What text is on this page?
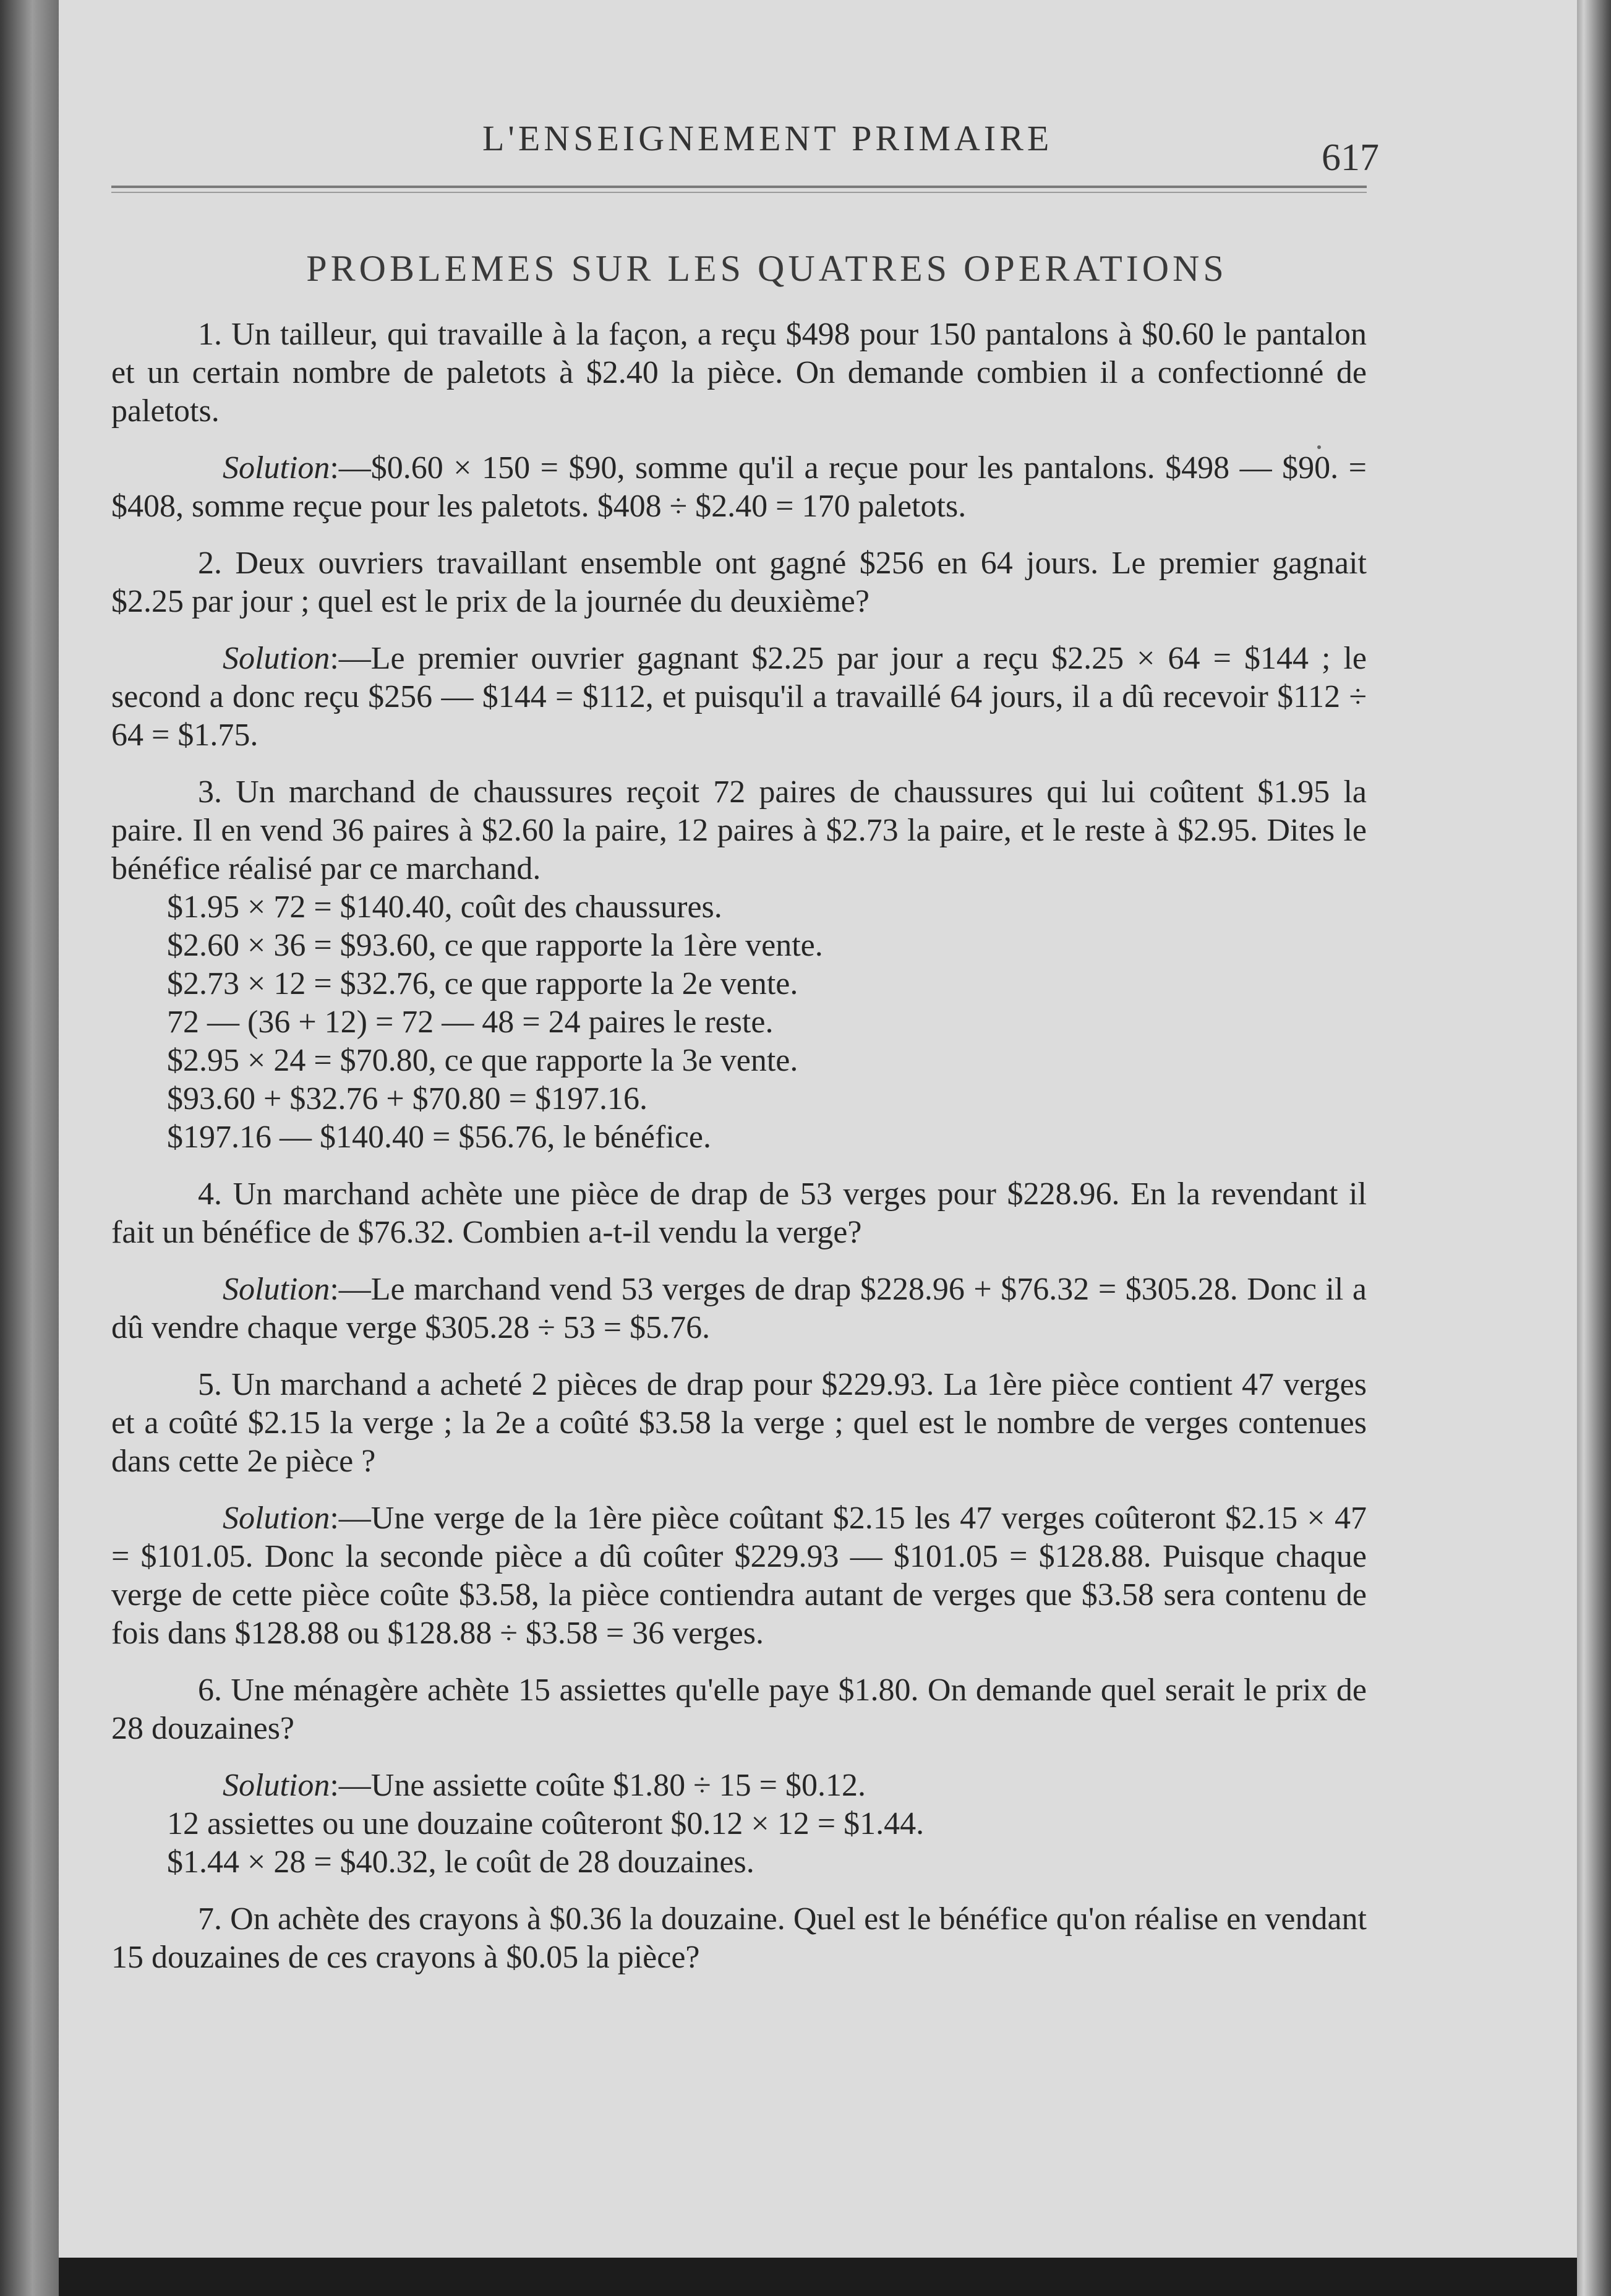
L'ENSEIGNEMENT PRIMAIRE	617
PROBLEMES SUR LES QUATRES OPERATIONS

1. Un tailleur, qui travaille à la façon, a reçu $498 pour 150 pantalons à $0.60 le pantalon et un certain nombre de paletots à $2.40 la pièce. On demande combien il a confectionné de paletots.

Solution:—$0.60 × 150 = $90, somme qu'il a reçue pour les pantalons. $498 — $90. = $408, somme reçue pour les paletots. $408 ÷ $2.40 = 170 paletots.

2. Deux ouvriers travaillant ensemble ont gagné $256 en 64 jours. Le premier gagnait $2.25 par jour ; quel est le prix de la journée du deuxième?

Solution:—Le premier ouvrier gagnant $2.25 par jour a reçu $2.25 × 64 = $144 ; le second a donc reçu $256 — $144 = $112, et puisqu'il a travaillé 64 jours, il a dû recevoir $112 ÷ 64 = $1.75.

3. Un marchand de chaussures reçoit 72 paires de chaussures qui lui coûtent $1.95 la paire. Il en vend 36 paires à $2.60 la paire, 12 paires à $2.73 la paire, et le reste à $2.95. Dites le bénéfice réalisé par ce marchand.

$1.95 × 72 = $140.40, coût des chaussures.
$2.60 × 36 = $93.60, ce que rapporte la 1ère vente.
$2.73 × 12 = $32.76, ce que rapporte la 2e vente.
72 — (36 + 12) = 72 — 48 = 24 paires le reste.
$2.95 × 24 = $70.80, ce que rapporte la 3e vente.
$93.60 + $32.76 + $70.80 = $197.16.
$197.16 — $140.40 = $56.76, le bénéfice.

4. Un marchand achète une pièce de drap de 53 verges pour $228.96. En la revendant il fait un bénéfice de $76.32. Combien a-t-il vendu la verge?

Solution:—Le marchand vend 53 verges de drap $228.96 + $76.32 = $305.28. Donc il a dû vendre chaque verge $305.28 ÷ 53 = $5.76.

5. Un marchand a acheté 2 pièces de drap pour $229.93. La 1ère pièce contient 47 verges et a coûté $2.15 la verge ; la 2e a coûté $3.58 la verge ; quel est le nombre de verges contenues dans cette 2e pièce ?

Solution:—Une verge de la 1ère pièce coûtant $2.15 les 47 verges coûteront $2.15 × 47 = $101.05. Donc la seconde pièce a dû coûter $229.93 — $101.05 = $128.88. Puisque chaque verge de cette pièce coûte $3.58, la pièce contiendra autant de verges que $3.58 sera contenu de fois dans $128.88 ou $128.88 ÷ $3.58 = 36 verges.

6. Une ménagère achète 15 assiettes qu'elle paye $1.80. On demande quel serait le prix de 28 douzaines?

Solution:—Une assiette coûte $1.80 ÷ 15 = $0.12.

12 assiettes ou une douzaine coûteront $0.12 × 12 = $1.44.
$1.44 × 28 = $40.32, le coût de 28 douzaines.

7. On achète des crayons à $0.36 la douzaine. Quel est le bénéfice qu'on réalise en vendant 15 douzaines de ces crayons à $0.05 la pièce?
